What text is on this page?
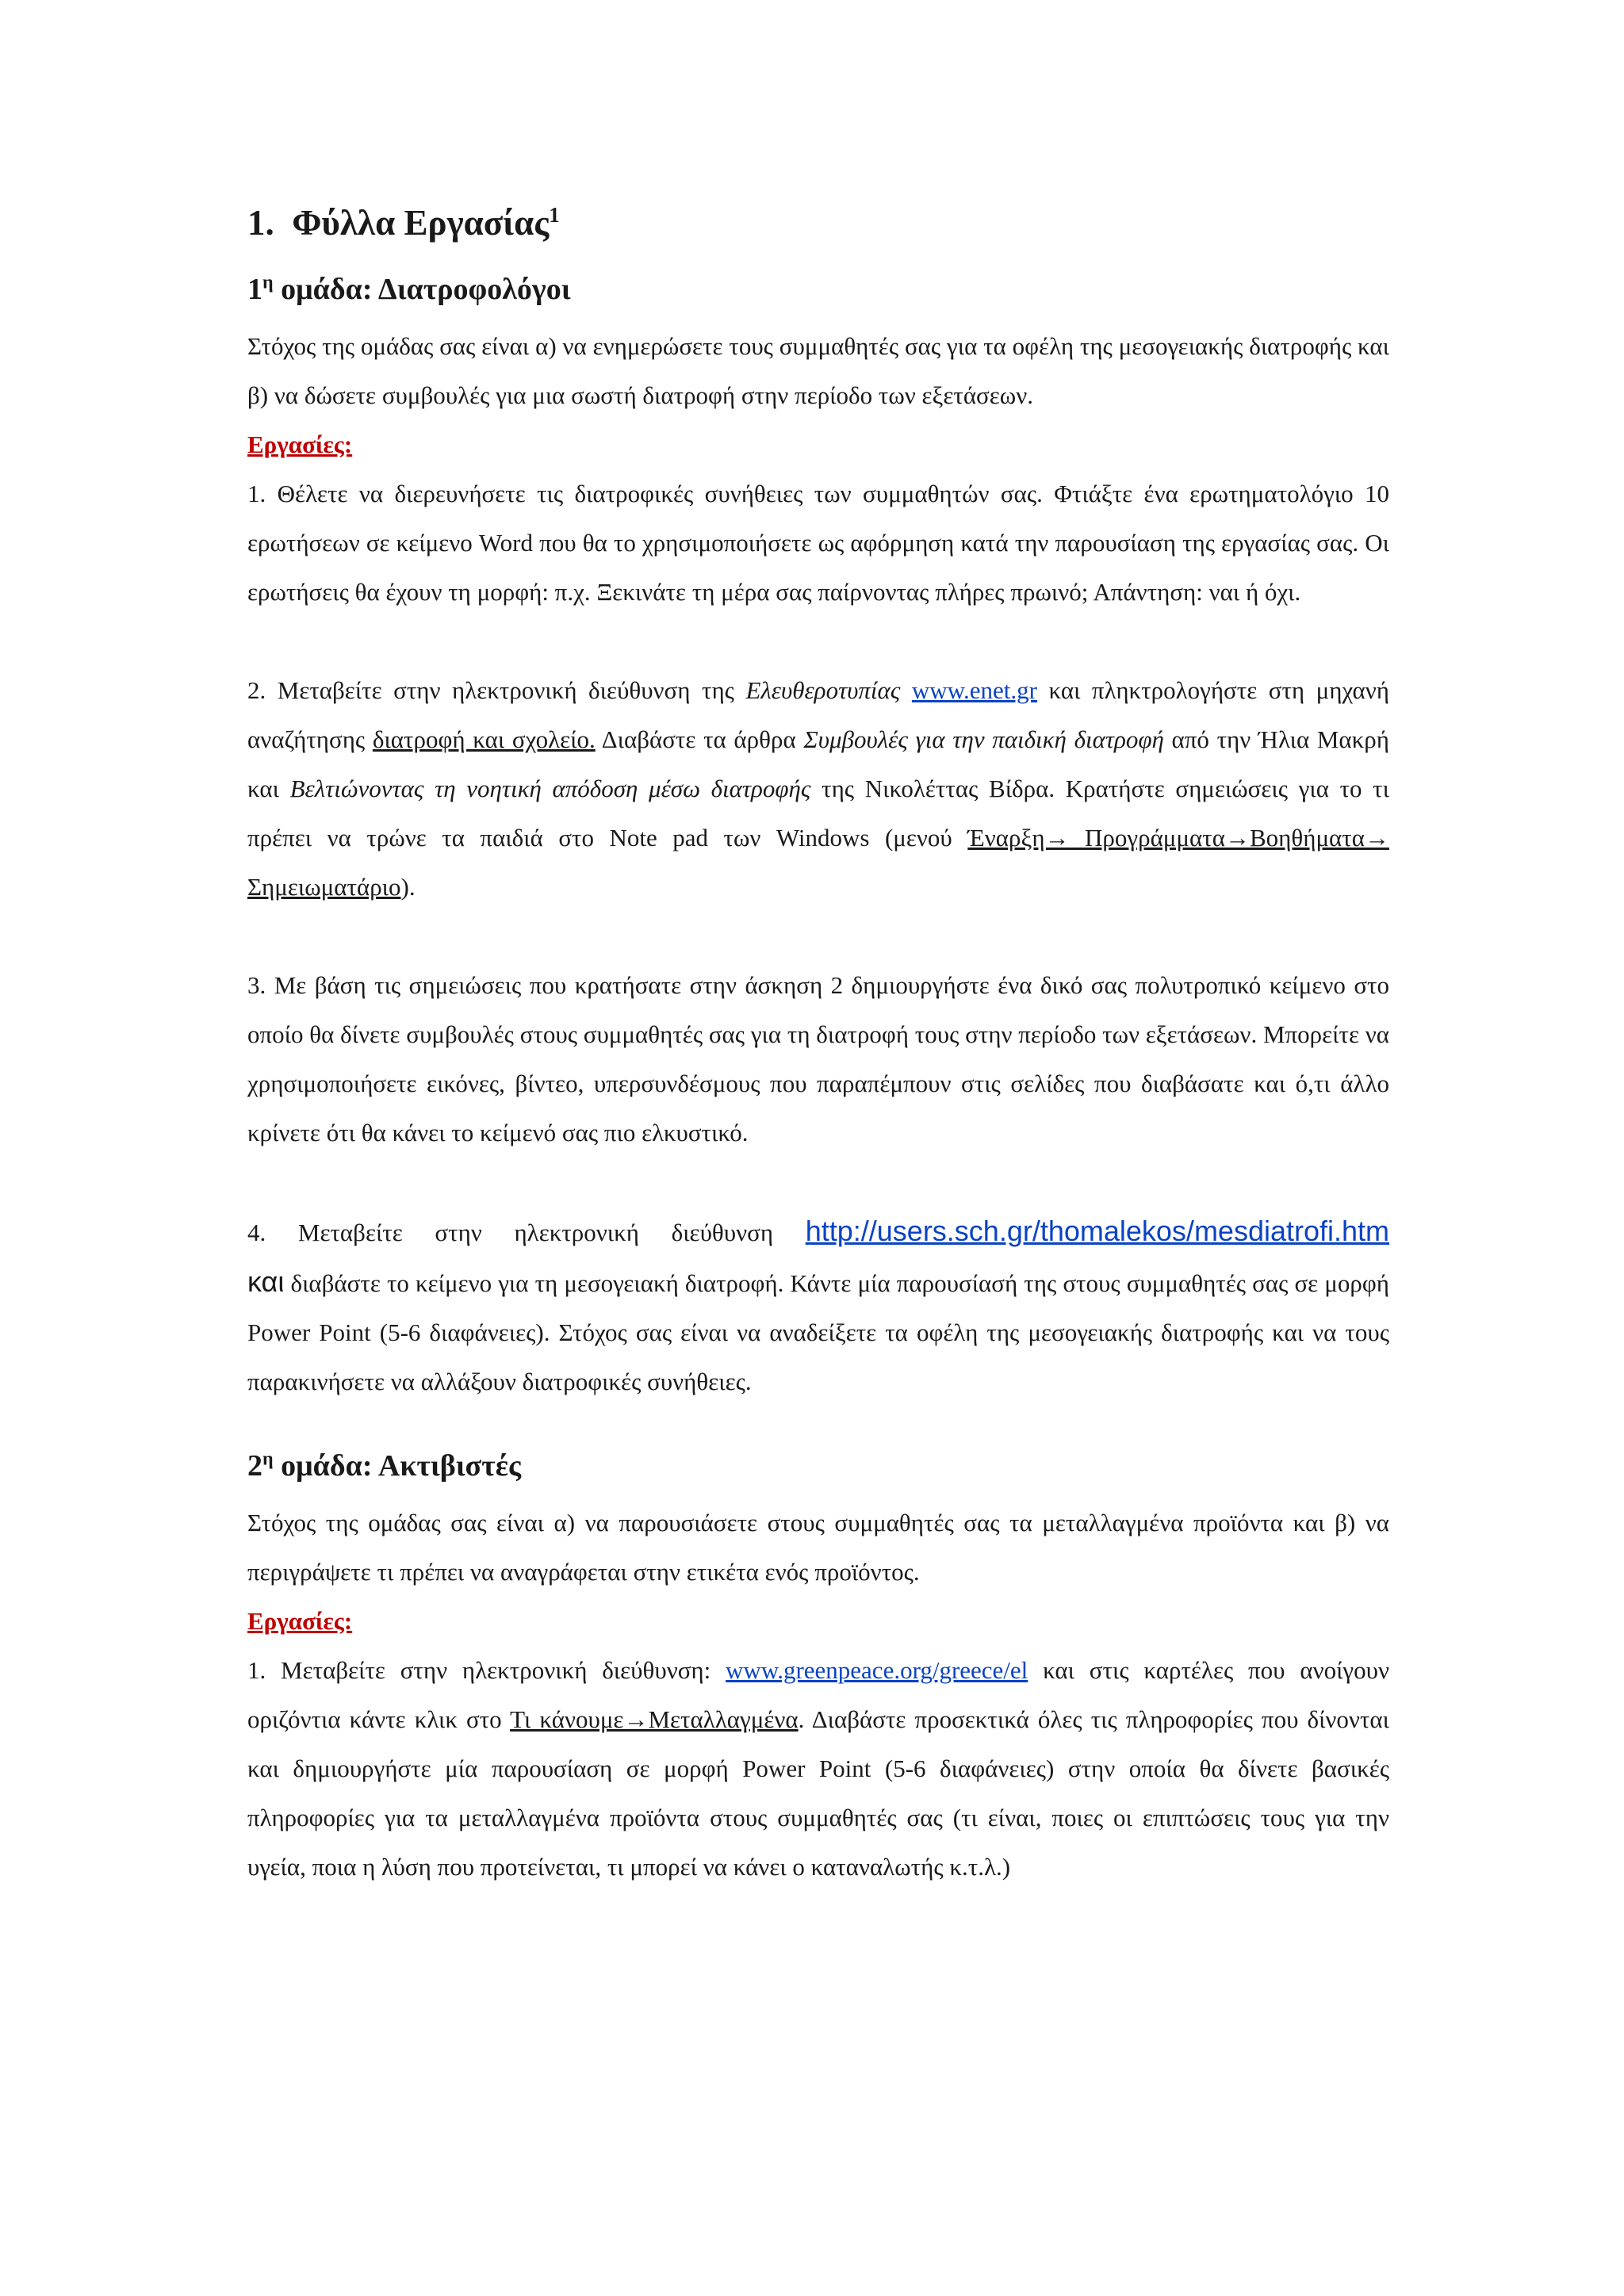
1. Φύλλα Εργασίας$^1$
$1^\eta$ ομάδα: Διατροφολόγοι

Στόχος της ομάδας σας είναι α) να ενημερώσετε τους συμμαθητές σας για τα οφέλη της μεσογειακής διατροφής και β) να δώσετε συμβουλές για μια σωστή διατροφή στην περίοδο των εξετάσεων.

Εργασίες:

1. Θέλετε να διερευνήσετε τις διατροφικές συνήθειες των συμμαθητών σας. Φτιάξτε ένα ερωτηματολόγιο 10 ερωτήσεων σε κείμενο Word που θα το χρησιμοποιήσετε ως αφόρμηση κατά την παρουσίαση της εργασίας σας. Οι ερωτήσεις θα έχουν τη μορφή: π.χ. Ξεκινάτε τη μέρα σας παίρνοντας πλήρες πρωινό; Απάντηση: ναι ή όχι.

2. Μεταβείτε στην ηλεκτρονική διεύθυνση της Ελευθεροτυπίας www.enet.gr και πληκτρολογήστε στη μηχανή αναζήτησης διατροφή και σχολείο. Διαβάστε τα άρθρα Συμβουλές για την παιδική διατροφή από την Ήλια Μακρή και Βελτιώνοντας τη νοητική απόδοση μέσω διατροφής της Νικολέττας Βίδρα. Κρατήστε σημειώσεις για το τι πρέπει να τρώνε τα παιδιά στο Note pad των Windows (μενού Έναρξη→ Προγράμματα→Βοηθήματα→ Σημειωματάριο).

3. Με βάση τις σημειώσεις που κρατήσατε στην άσκηση 2 δημιουργήστε ένα δικό σας πολυτροπικό κείμενο στο οποίο θα δίνετε συμβουλές στους συμμαθητές σας για τη διατροφή τους στην περίοδο των εξετάσεων. Μπορείτε να χρησιμοποιήσετε εικόνες, βίντεο, υπερσυνδέσμους που παραπέμπουν στις σελίδες που διαβάσατε και ό,τι άλλο κρίνετε ότι θα κάνει το κείμενό σας πιο ελκυστικό.

4. Μεταβείτε στην ηλεκτρονική διεύθυνση http://users.sch.gr/thomalekos/mesdiatrofi.htm

και διαβάστε το κείμενο για τη μεσογειακή διατροφή. Κάντε μία παρουσίασή της στους συμμαθητές σας σε μορφή Power Point (5-6 διαφάνειες). Στόχος σας είναι να αναδείξετε τα οφέλη της μεσογειακής διατροφής και να τους παρακινήσετε να αλλάξουν διατροφικές συνήθειες.

$2^\eta$ ομάδα: Ακτιβιστές

Στόχος της ομάδας σας είναι α) να παρουσιάσετε στους συμμαθητές σας τα μεταλλαγμένα προϊόντα και β) να περιγράψετε τι πρέπει να αναγράφεται στην ετικέτα ενός προϊόντος.

Εργασίες:

1. Μεταβείτε στην ηλεκτρονική διεύθυνση: www.greenpeace.org/greece/el και στις καρτέλες που ανοίγουν οριζόντια κάντε κλικ στο Τι κάνουμε→Μεταλλαγμένα. Διαβάστε προσεκτικά όλες τις πληροφορίες που δίνονται και δημιουργήστε μία παρουσίαση σε μορφή Power Point (5-6 διαφάνειες) στην οποία θα δίνετε βασικές πληροφορίες για τα μεταλλαγμένα προϊόντα στους συμμαθητές σας (τι είναι, ποιες οι επιπτώσεις τους για την υγεία, ποια η λύση που προτείνεται, τι μπορεί να κάνει ο καταναλωτής κ.τ.λ.)
